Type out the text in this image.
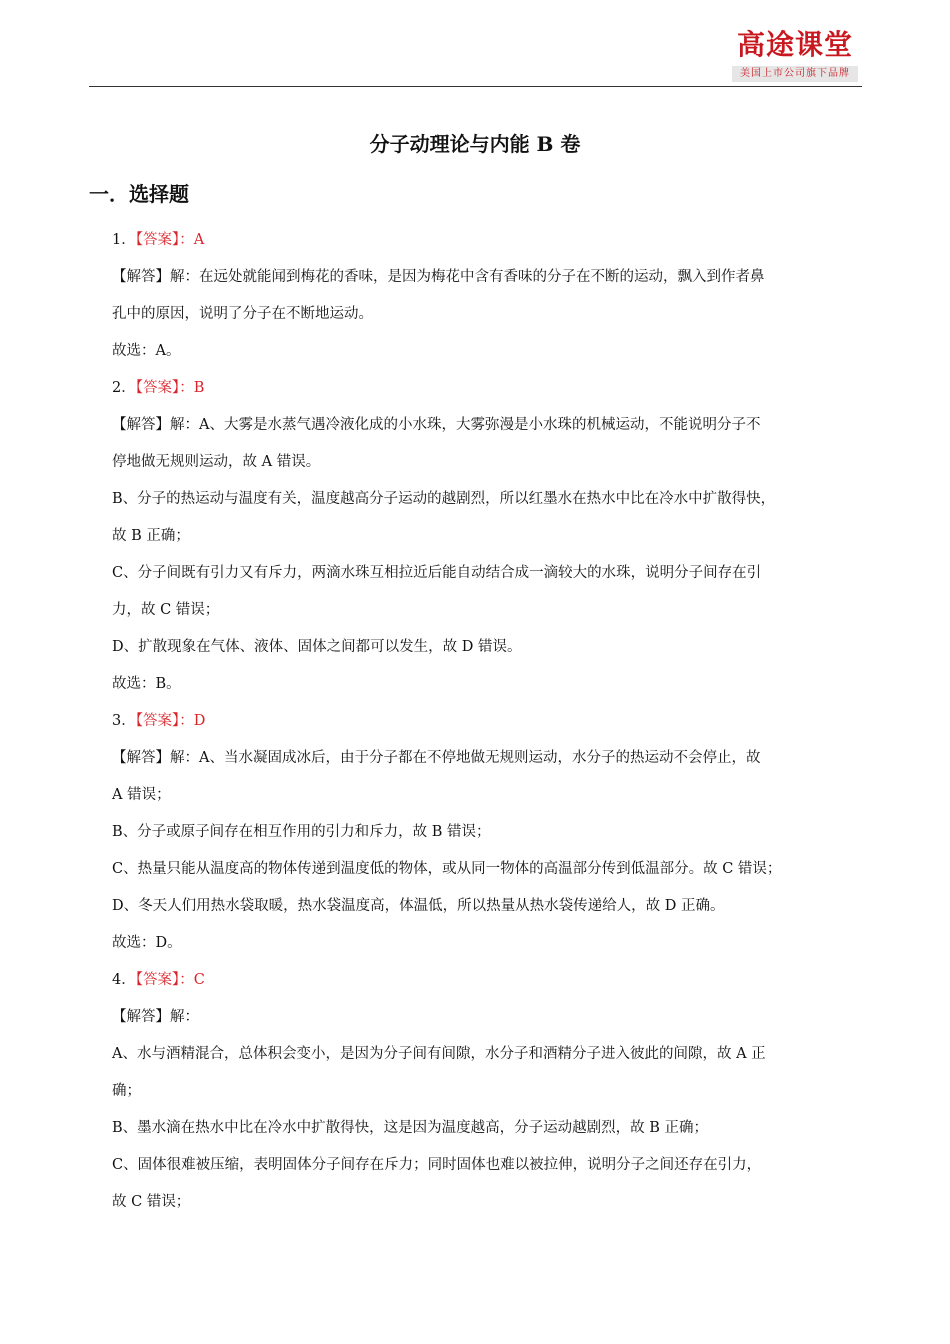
高途课堂
美国上市公司旗下品牌
分子动理论与内能 B 卷
一．选择题

1．【答案】：A

【解答】解：在远处就能闻到梅花的香味，是因为梅花中含有香味的分子在不断的运动，飘入到作者鼻

孔中的原因，说明了分子在不断地运动。

故选：A。

2．【答案】：B

【解答】解：A、大雾是水蒸气遇冷液化成的小水珠，大雾弥漫是小水珠的机械运动，不能说明分子不

停地做无规则运动，故 A 错误。

B、分子的热运动与温度有关，温度越高分子运动的越剧烈，所以红墨水在热水中比在冷水中扩散得快，

故 B 正确；

C、分子间既有引力又有斥力，两滴水珠互相拉近后能自动结合成一滴较大的水珠，说明分子间存在引

力，故 C 错误；

D、扩散现象在气体、液体、固体之间都可以发生，故 D 错误。

故选：B。

3．【答案】：D

【解答】解：A、当水凝固成冰后，由于分子都在不停地做无规则运动，水分子的热运动不会停止，故

A 错误；

B、分子或原子间存在相互作用的引力和斥力，故 B 错误；

C、热量只能从温度高的物体传递到温度低的物体，或从同一物体的高温部分传到低温部分。故 C 错误；

D、冬天人们用热水袋取暖，热水袋温度高，体温低，所以热量从热水袋传递给人，故 D 正确。

故选：D。

4．【答案】：C

【解答】解：

A、水与酒精混合，总体积会变小，是因为分子间有间隙，水分子和酒精分子进入彼此的间隙，故 A 正

确；

B、墨水滴在热水中比在冷水中扩散得快，这是因为温度越高，分子运动越剧烈，故 B 正确；

C、固体很难被压缩，表明固体分子间存在斥力；同时固体也难以被拉伸，说明分子之间还存在引力，

故 C 错误；
